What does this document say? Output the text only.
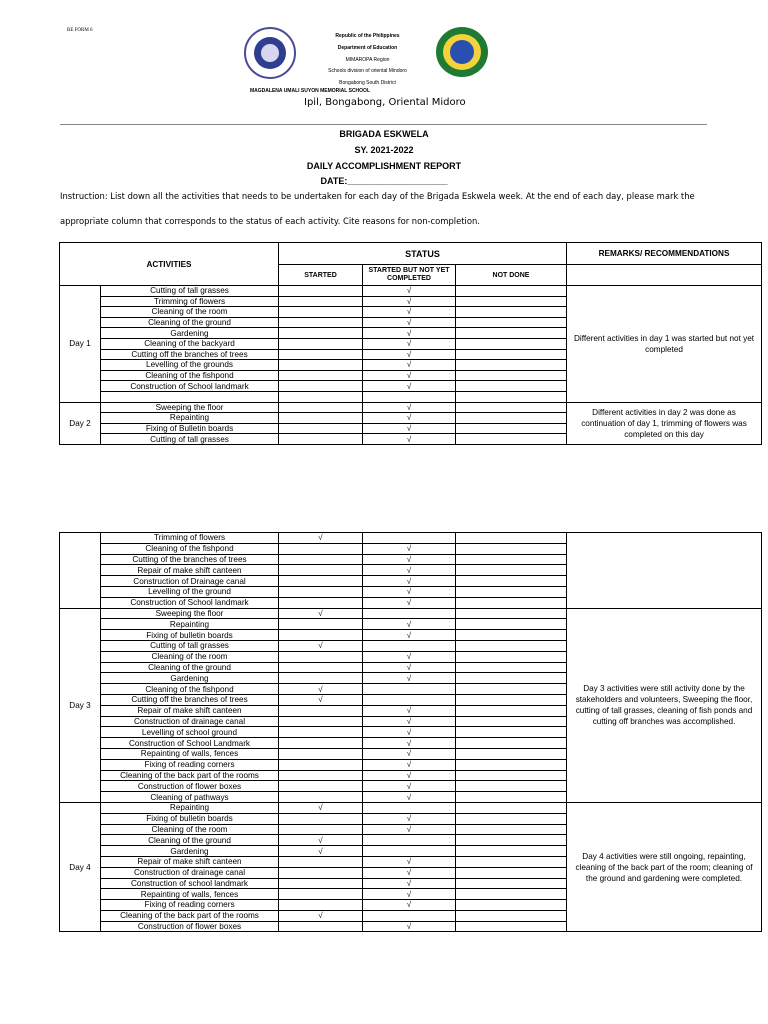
BE FORM 6
Republic of the Philippines
Department of Education
MIMAROPA Region
Schools division of oriental Mindoro
Bongabong South District
MAGDALENA UMALI SUYON MEMORIAL SCHOOL
Ipil, Bongabong, Oriental Midoro
BRIGADA ESKWELA
SY. 2021-2022
DAILY ACCOMPLISHMENT REPORT
DATE:____________________
Instruction: List down all the activities that needs to be undertaken for each day of the Brigada Eskwela week. At the end of each day, please mark the
appropriate column that corresponds to the status of each activity. Cite reasons for non-completion.
ACTIVITIES		STATUS			REMARKS/ RECOMMENDATIONS
		STARTED	STARTED BUT NOT YET COMPLETED	NOT DONE	
Day 1	Cutting of tall grasses		√		Different activities in day 1 was started but not yet completed
	Trimming of flowers		√		
	Cleaning of the room		√		
	Cleaning of the ground		√		
	Gardening		√		
	Cleaning of the backyard		√		
	Cutting off the branches of trees		√		
	Levelling of the grounds		√		
	Cleaning of the fishpond		√		
	Construction of School landmark		√		

Day 2	Sweeping the floor		√		Different activities in day 2 was done as continuation of day 1, trimming of flowers was completed on this day
	Repainting		√		
	Fixing of Bulletin boards		√		
	Cutting of tall grasses		√		
	Trimming of flowers	√			
	Cleaning of the fishpond		√		
	Cutting of the branches of trees		√		
	Repair of make shift canteen		√		
	Construction of Drainage canal		√		
	Levelling of the ground		√		
	Construction of School landmark		√		
Day 3	Sweeping the floor	√			Day 3 activities were still activity done by the stakeholders and volunteers, Sweeping the floor, cutting of tall grasses, cleaning of fish ponds and cutting off branches was accomplished.
	Repainting		√		
	Fixing of bulletin boards		√		
	Cutting of tall grasses	√			
	Cleaning of the room		√		
	Cleaning of the ground		√		
	Gardening		√		
	Cleaning of the fishpond	√			
	Cutting off the branches of trees	√			
	Repair of make shift canteen		√		
	Construction of drainage canal		√		
	Levelling of school ground		√		
	Construction of School Landmark		√		
	Repainting of walls, fences		√		
	Fixing of reading corners		√		
	Cleaning of the back part of the rooms		√		
	Construction of flower boxes		√		
	Cleaning of pathways		√		
Day 4	Repainting	√			Day 4 activities were still ongoing, repainting, cleaning of the back part of the room; cleaning of the ground and gardening were completed.
	Fixing of bulletin boards		√		
	Cleaning of the room		√		
	Cleaning of the ground	√			
	Gardening	√			
	Repair of make shift canteen		√		
	Construction of drainage canal		√		
	Construction of school landmark		√		
	Repainting of walls, fences		√		
	Fixing of reading corners		√		
	Cleaning of the back part of the rooms	√			
	Construction of flower boxes		√		
